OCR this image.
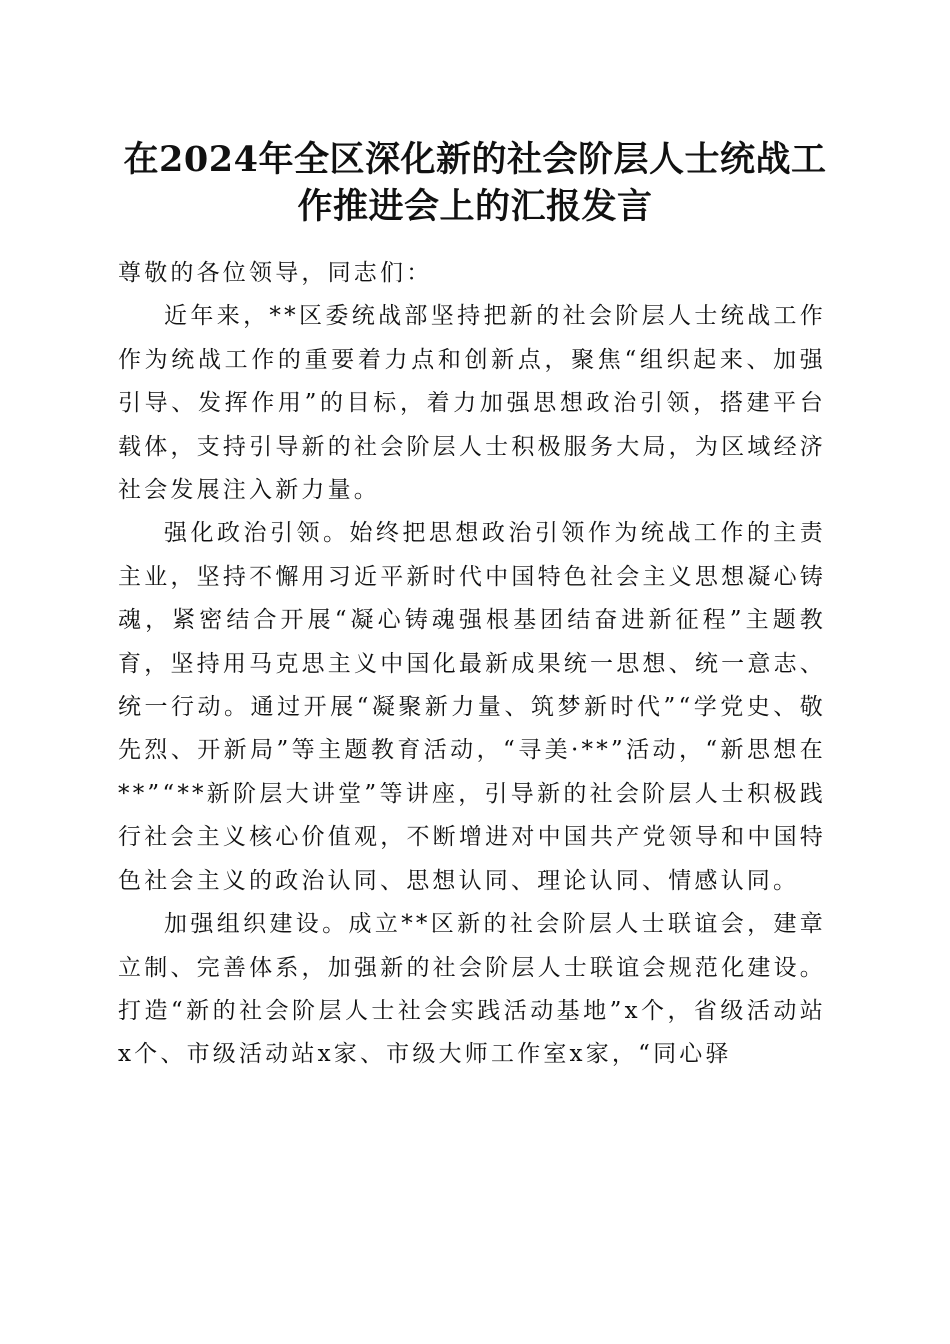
在2024年全区深化新的社会阶层人士统战工作推进会上的汇报发言

尊敬的各位领导，同志们：

近年来，**区委统战部坚持把新的社会阶层人士统战工作作为统战工作的重要着力点和创新点，聚焦“组织起来、加强引导、发挥作用”的目标，着力加强思想政治引领，搭建平台载体，支持引导新的社会阶层人士积极服务大局，为区域经济社会发展注入新力量。

强化政治引领。始终把思想政治引领作为统战工作的主责主业，坚持不懈用习近平新时代中国特色社会主义思想凝心铸魂，紧密结合开展“凝心铸魂强根基团结奋进新征程”主题教育，坚持用马克思主义中国化最新成果统一思想、统一意志、统一行动。通过开展“凝聚新力量、筑梦新时代”“学党史、敬先烈、开新局”等主题教育活动，“寻美·**”活动，“新思想在**”“**新阶层大讲堂”等讲座，引导新的社会阶层人士积极践行社会主义核心价值观，不断增进对中国共产党领导和中国特色社会主义的政治认同、思想认同、理论认同、情感认同。

加强组织建设。成立**区新的社会阶层人士联谊会，建章立制、完善体系，加强新的社会阶层人士联谊会规范化建设。打造“新的社会阶层人士社会实践活动基地”x个，省级活动站x个、市级活动站x家、市级大师工作室x家，“同心驿
